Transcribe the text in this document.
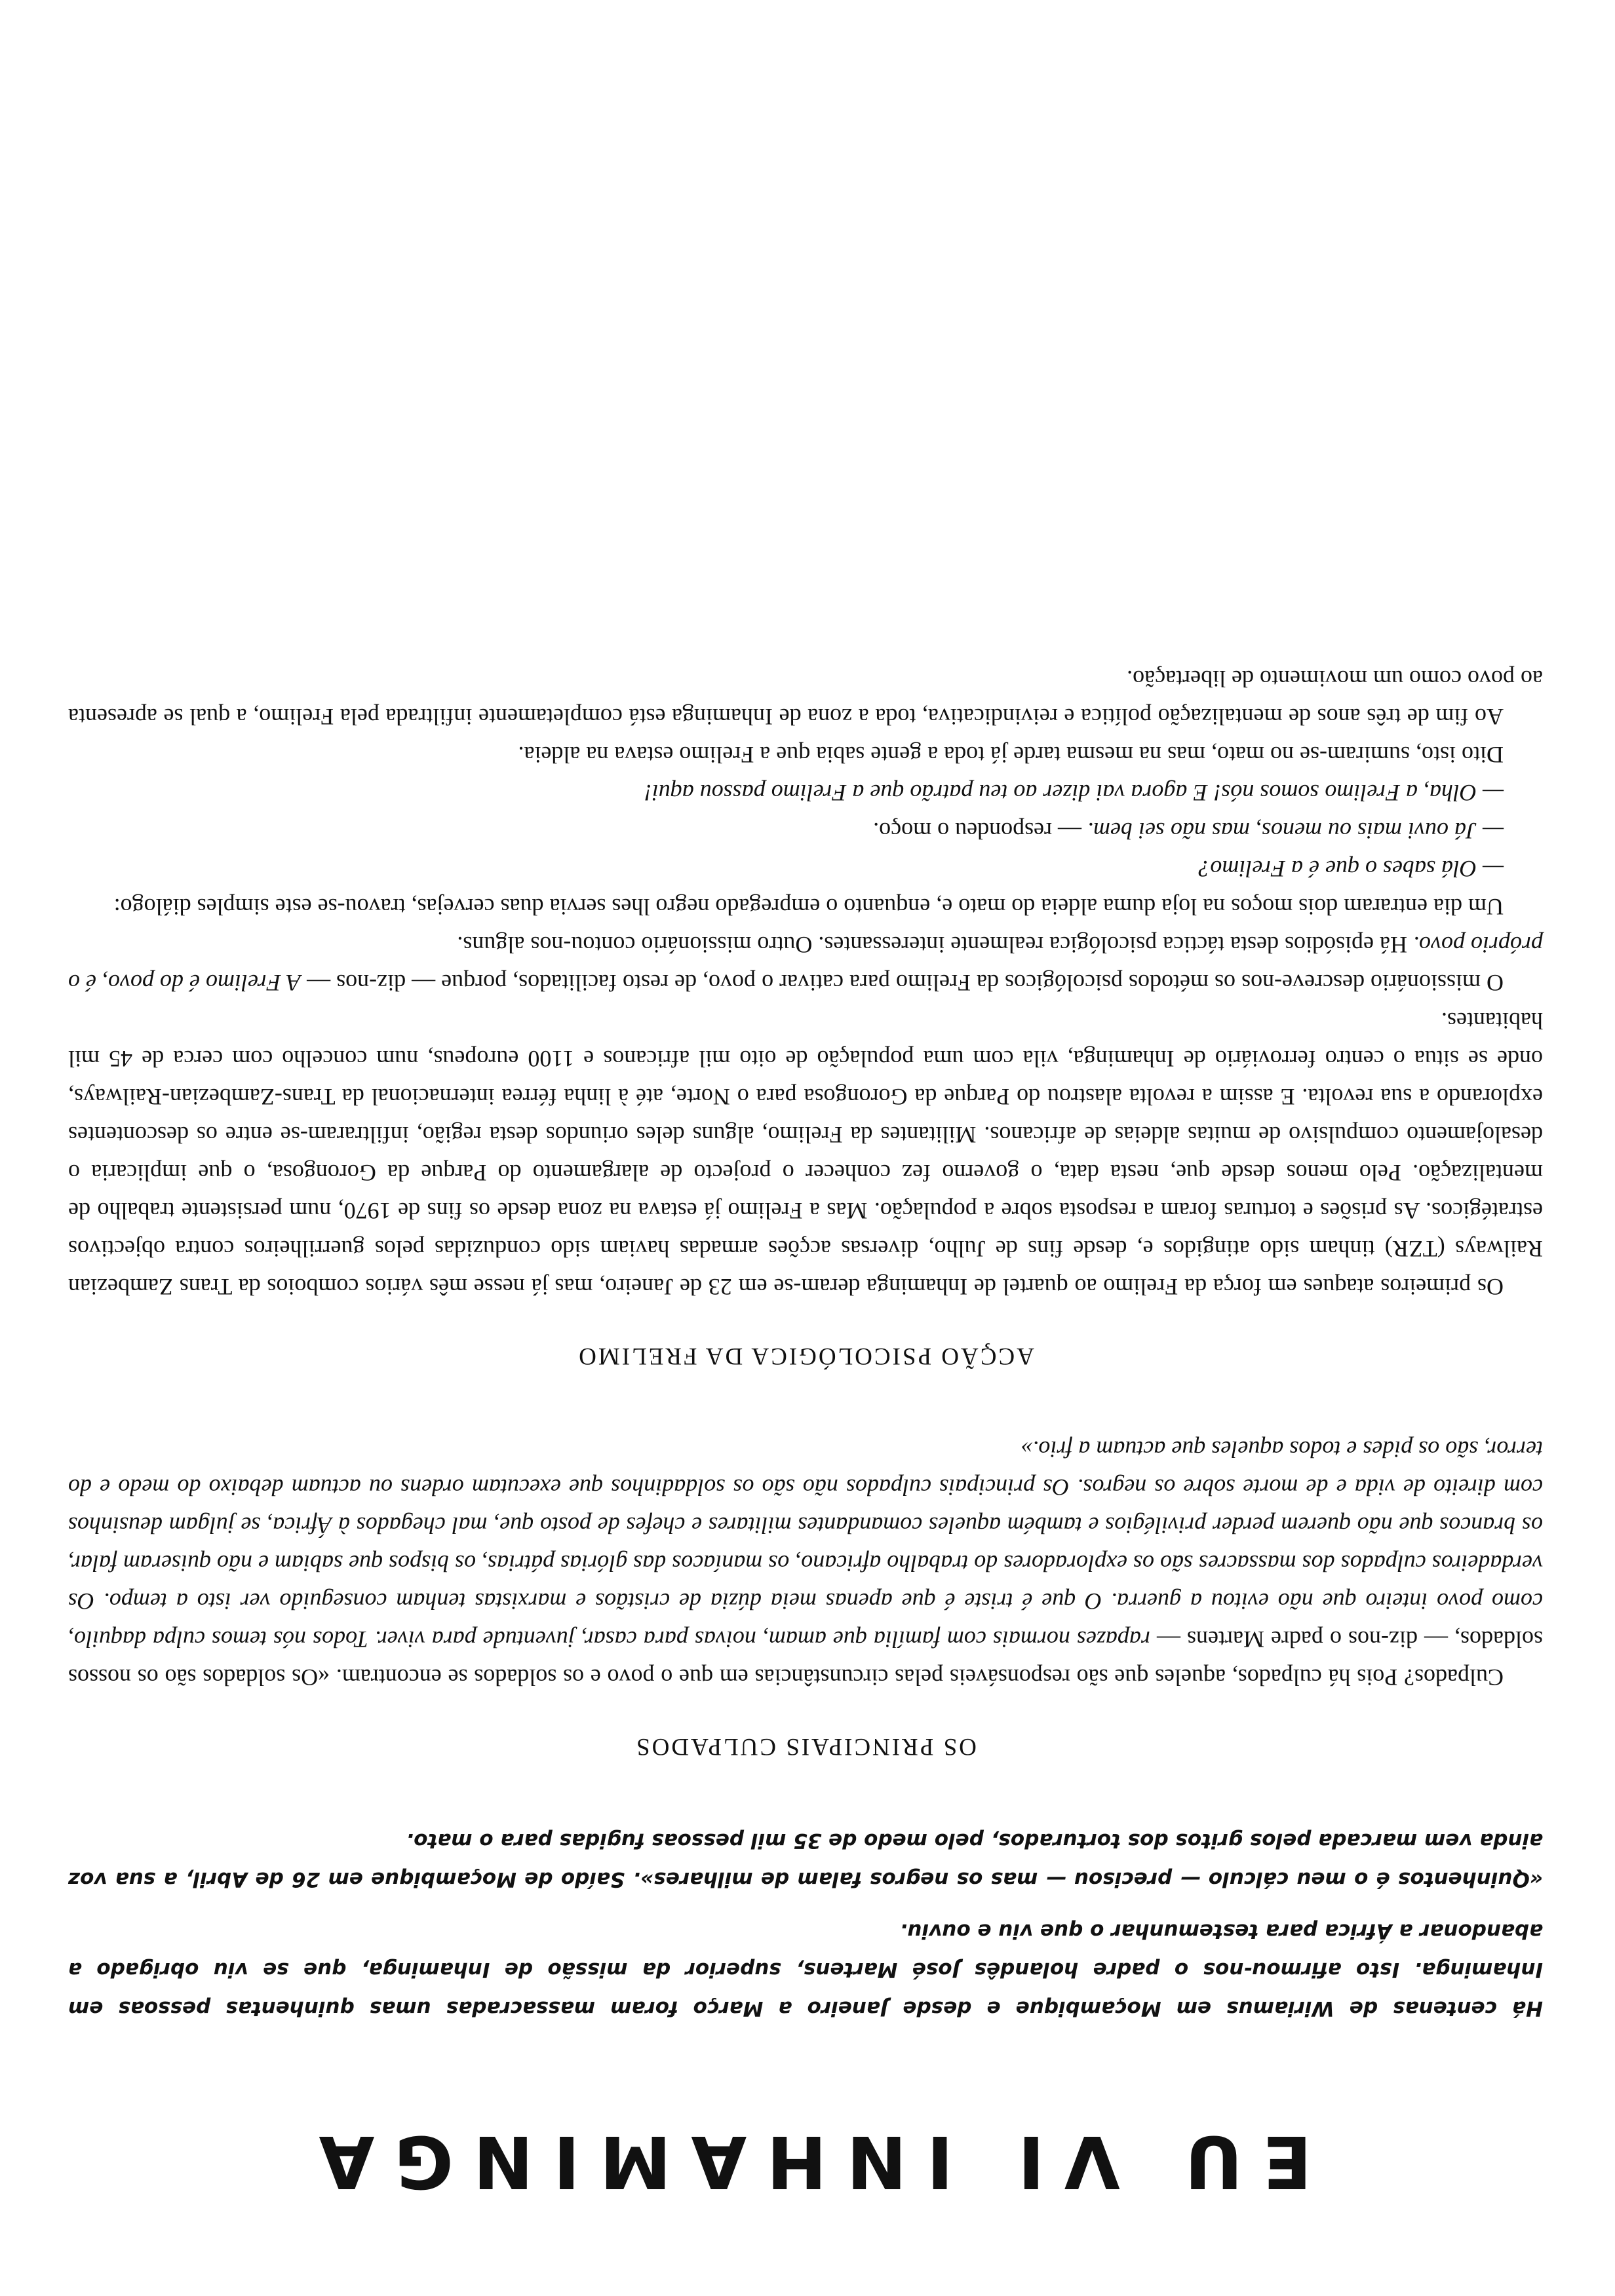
EU VI INHAMINGA

Há centenas de Wiriamus em Moçambique e desde Janeiro a Março foram massacradas umas quinhentas pessoas em Inhaminga. Isto afirmou-nos o padre holandês José Martens, superior da missão de Inhaminga, que se viu obrigado a abandonar a África para testemunhar o que viu e ouviu.

«Quinhentos é o meu cálculo — precisou — mas os negros falam de milhares». Saído de Moçambique em 26 de Abril, a sua voz ainda vem marcada pelos gritos dos torturados, pelo medo de 35 mil pessoas fugidas para o mato.

OS PRINCIPAIS CULPADOS

Culpados? Pois há culpados, aqueles que são responsáveis pelas circunstâncias em que o povo e os soldados se encontram. «Os soldados são os nossos soldados, — diz-nos o padre Martens — rapazes normais com família que amam, noivas para casar, juventude para viver. Todos nós temos culpa daquilo, como povo inteiro que não evitou a guerra. O que é triste é que apenas meia dúzia de cristãos e marxistas tenham conseguido ver isto a tempo. Os verdadeiros culpados dos massacres são os exploradores do trabalho africano, os maníacos das glórias pátrias, os bispos que sabiam e não quiseram falar, os brancos que não querem perder privilégios e também aqueles comandantes militares e chefes de posto que, mal chegados à África, se julgam deusinhos com direito de vida e de morte sobre os negros. Os principais culpados não são os soldadinhos que executam ordens ou actuam debaixo do medo e do terror, são os pides e todos aqueles que actuam a frio.»

ACÇÃO PSICOLÓGICA DA FRELIMO

Os primeiros ataques em força da Frelimo ao quartel de Inhaminga deram-se em 23 de Janeiro, mas já nesse mês vários comboios da Trans Zambezian Railways (TZR) tinham sido atingidos e, desde fins de Julho, diversas acções armadas haviam sido conduzidas pelos guerrilheiros contra objectivos estratégicos. As prisões e torturas foram a resposta sobre a população. Mas a Frelimo já estava na zona desde os fins de 1970, num persistente trabalho de mentalização. Pelo menos desde que, nesta data, o governo fez conhecer o projecto de alargamento do Parque da Gorongosa, o que implicaria o desalojamento compulsivo de muitas aldeias de africanos. Militantes da Frelimo, alguns deles oriundos desta região, infiltraram-se entre os descontentes explorando a sua revolta. E assim a revolta alastrou do Parque da Gorongosa para o Norte, até à linha férrea internacional da Trans-Zambezian-Railways, onde se situa o centro ferroviário de Inhaminga, vila com uma população de oito mil africanos e 1100 europeus, num concelho com cerca de 45 mil habitantes.

O missionário descreve-nos os métodos psicológicos da Frelimo para cativar o povo, de resto facilitados, porque — diz-nos — A Frelimo é do povo, é o próprio povo. Há episódios desta táctica psicológica realmente interessantes. Outro missionário contou-nos alguns.

Um dia entraram dois moços na loja duma aldeia do mato e, enquanto o empregado negro lhes servia duas cervejas, travou-se este simples diálogo:

— Olá sabes o que é a Frelimo?

— Já ouvi mais ou menos, mas não sei bem. — respondeu o moço.

— Olha, a Frelimo somos nós! E agora vai dizer ao teu patrão que a Frelimo passou aqui!

Dito isto, sumiram-se no mato, mas na mesma tarde já toda a gente sabia que a Frelimo estava na aldeia.

Ao fim de três anos de mentalização política e reivindicativa, toda a zona de Inhaminga está completamente infiltrada pela Frelimo, a qual se apresenta ao povo como um movimento de libertação.
